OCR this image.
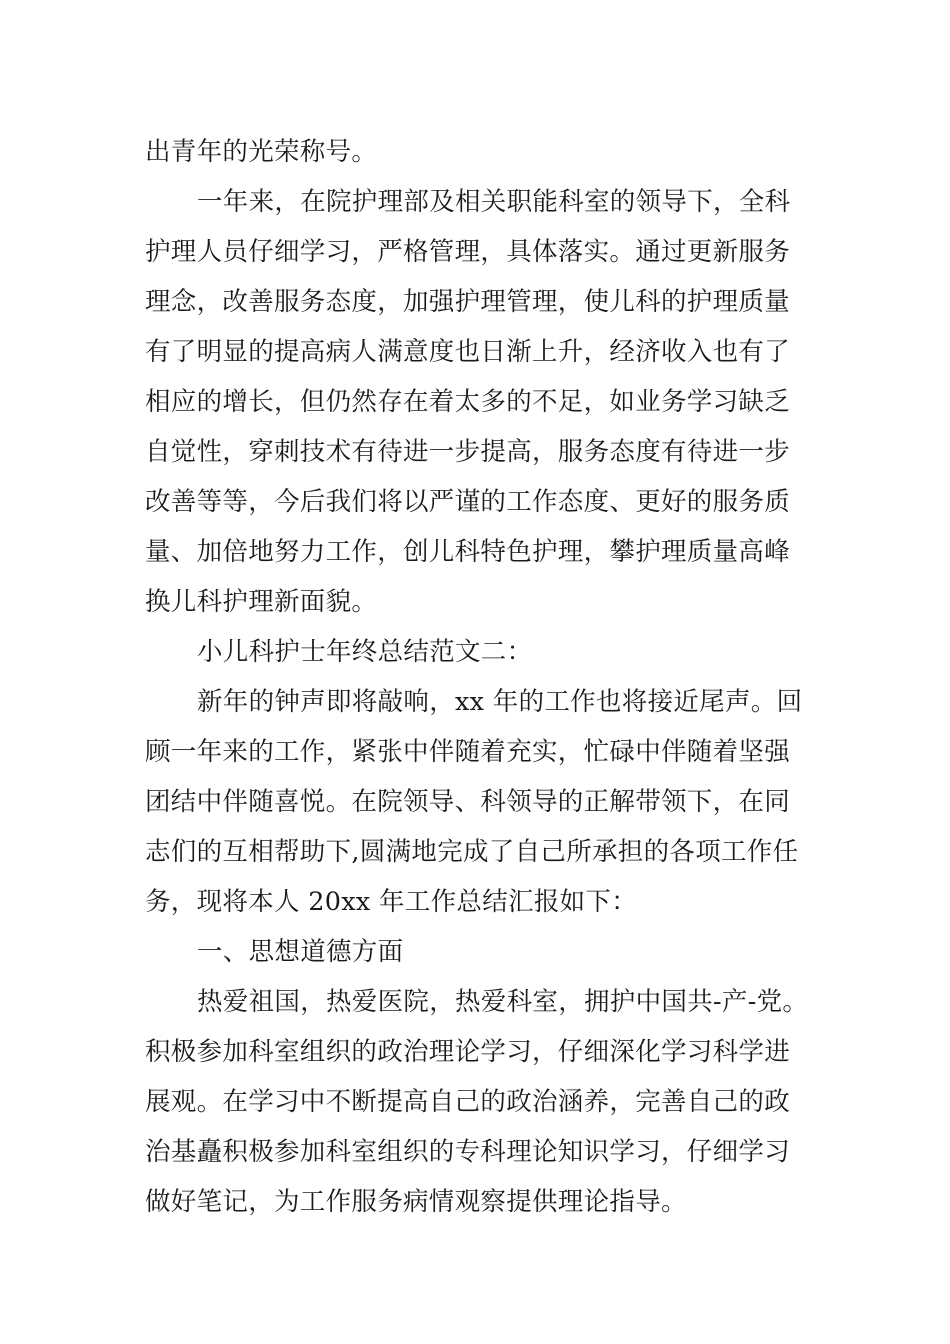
出青年的光荣称号。
一年来，在院护理部及相关职能科室的领导下，全科
护理人员仔细学习，严格管理，具体落实。通过更新服务
理念，改善服务态度，加强护理管理，使儿科的护理质量
有了明显的提高病人满意度也日渐上升，经济收入也有了
相应的增长，但仍然存在着太多的不足，如业务学习缺乏
自觉性，穿刺技术有待进一步提高，服务态度有待进一步
改善等等，今后我们将以严谨的工作态度、更好的服务质
量、加倍地努力工作，创儿科特色护理，攀护理质量高峰
换儿科护理新面貌。
小儿科护士年终总结范文二：
新年的钟声即将敲响，xx 年的工作也将接近尾声。回
顾一年来的工作，紧张中伴随着充实，忙碌中伴随着坚强
团结中伴随喜悦。在院领导、科领导的正解带领下，在同
志们的互相帮助下,圆满地完成了自己所承担的各项工作任
务，现将本人 20xx 年工作总结汇报如下：
一、思想道德方面
热爱祖国，热爱医院，热爱科室，拥护中国共-产-党。
积极参加科室组织的政治理论学习，仔细深化学习科学进
展观。在学习中不断提高自己的政治涵养，完善自己的政
治基矗积极参加科室组织的专科理论知识学习，仔细学习
做好笔记，为工作服务病情观察提供理论指导。
